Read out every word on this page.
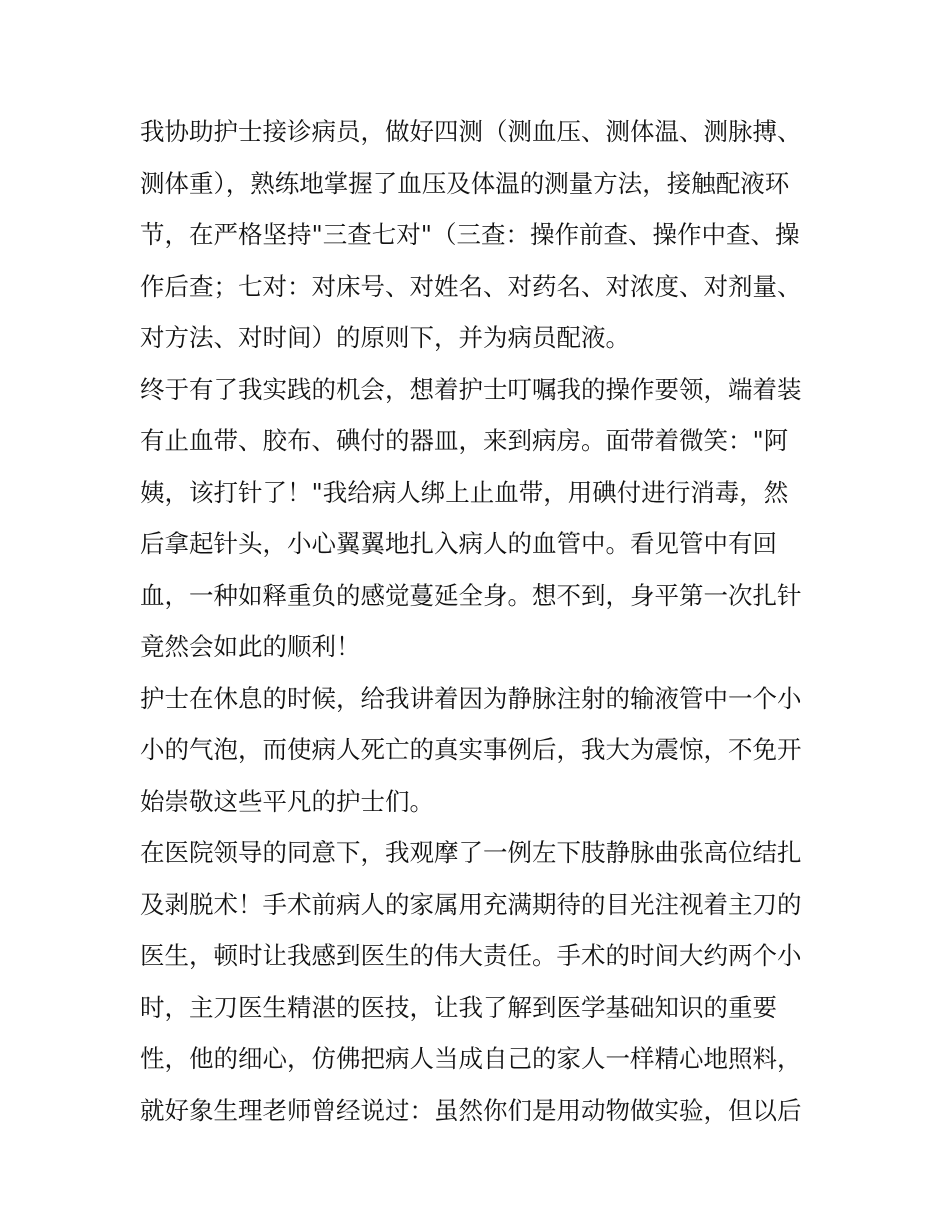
我协助护士接诊病员，做好四测（测血压、测体温、测脉搏、
测体重），熟练地掌握了血压及体温的测量方法，接触配液环
节，在严格坚持"三查七对"（三查：操作前查、操作中查、操
作后查；七对：对床号、对姓名、对药名、对浓度、对剂量、
对方法、对时间）的原则下，并为病员配液。
终于有了我实践的机会，想着护士叮嘱我的操作要领，端着装
有止血带、胶布、碘付的器皿，来到病房。面带着微笑："阿
姨，该打针了！"我给病人绑上止血带，用碘付进行消毒，然
后拿起针头，小心翼翼地扎入病人的血管中。看见管中有回
血，一种如释重负的感觉蔓延全身。想不到，身平第一次扎针
竟然会如此的顺利！
护士在休息的时候，给我讲着因为静脉注射的输液管中一个小
小的气泡，而使病人死亡的真实事例后，我大为震惊，不免开
始崇敬这些平凡的护士们。
在医院领导的同意下，我观摩了一例左下肢静脉曲张高位结扎
及剥脱术！手术前病人的家属用充满期待的目光注视着主刀的
医生，顿时让我感到医生的伟大责任。手术的时间大约两个小
时，主刀医生精湛的医技，让我了解到医学基础知识的重要
性，他的细心，仿佛把病人当成自己的家人一样精心地照料，
就好象生理老师曾经说过：虽然你们是用动物做实验，但以后
